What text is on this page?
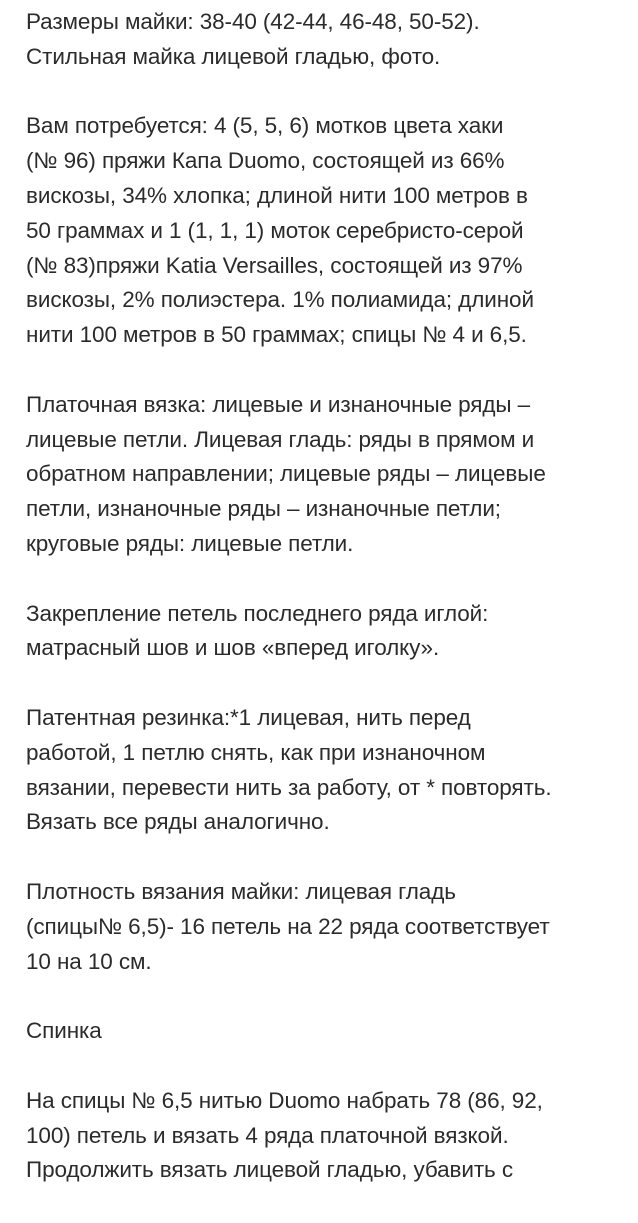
Размеры майки: 38-40 (42-44, 46-48, 50-52).
Стильная майка лицевой гладью, фото.

Вам потребуется: 4 (5, 5, 6) мотков цвета хаки
(№ 96) пряжи Капа Duomo, состоящей из 66%
вискозы, 34% хлопка; длиной нити 100 метров в
50 граммах и 1 (1, 1, 1) моток серебристо-серой
(№ 83)пряжи Katia Versailles, состоящей из 97%
вискозы, 2% полиэстера. 1% полиамида; длиной
нити 100 метров в 50 граммах; спицы № 4 и 6,5.

Платочная вязка: лицевые и изнаночные ряды –
лицевые петли. Лицевая гладь: ряды в прямом и
обратном направлении; лицевые ряды – лицевые
петли, изнаночные ряды – изнаночные петли;
круговые ряды: лицевые петли.

Закрепление петель последнего ряда иглой:
матрасный шов и шов «вперед иголку».

Патентная резинка:*1 лицевая, нить перед
работой, 1 петлю снять, как при изнаночном
вязании, перевести нить за работу, от * повторять.
Вязать все ряды аналогично.

Плотность вязания майки: лицевая гладь
(спицы№ 6,5)- 16 петель на 22 ряда соответствует
10 на 10 см.

Спинка

На спицы № 6,5 нитью Duomo набрать 78 (86, 92,
100) петель и вязать 4 ряда платочной вязкой.
Продолжить вязать лицевой гладью, убавить с
